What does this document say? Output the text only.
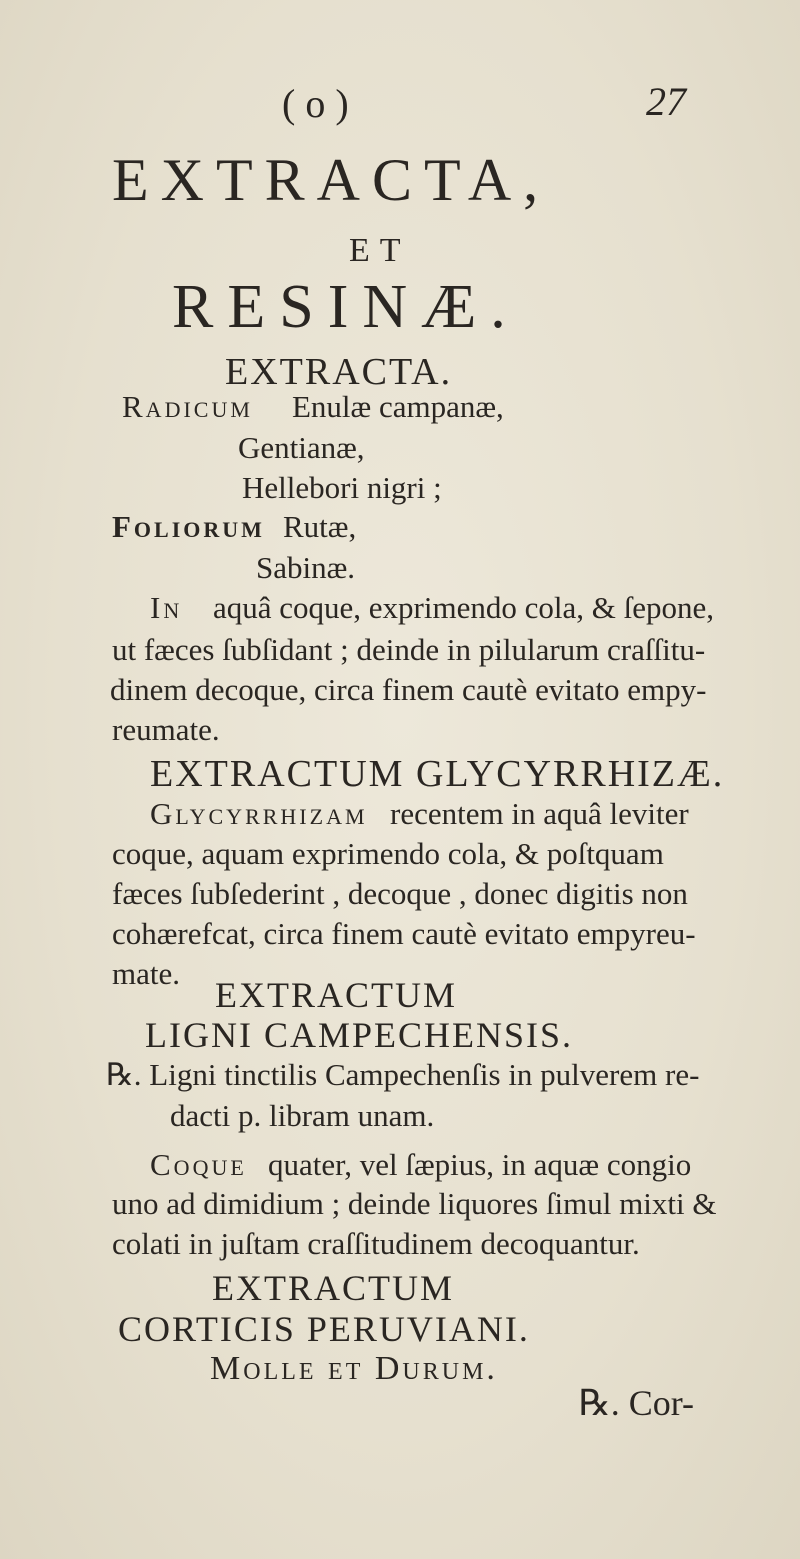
( o )	27
EXTRACTA,
ET
RESINÆ.
EXTRACTA.
Radicum Enulæ campanæ,
Gentianæ,
Hellebori nigri ;
Foliorum Rutæ,
Sabinæ.
In aquâ coque, exprimendo cola, & ſepone,
ut fæces ſubſidant ; deinde in pilularum craſſitu-
dinem decoque, circa finem cautè evitato empy-
reumate.
EXTRACTUM GLYCYRRHIZÆ.
Glycyrrhizam recentem in aquâ leviter
coque, aquam exprimendo cola, & poſtquam
fæces ſubſederint , decoque , donec digitis non
cohærefcat, circa finem cautè evitato empyreu-
mate.
EXTRACTUM
LIGNI CAMPECHENSIS.
℞. Ligni tinctilis Campechenſis in pulverem re-
dacti p. libram unam.
Coque quater, vel ſæpius, in aquæ congio
uno ad dimidium ; deinde liquores ſimul mixti &
colati in juſtam craſſitudinem decoquantur.
EXTRACTUM
CORTICIS PERUVIANI.
Molle et Durum.
℞. Cor-
